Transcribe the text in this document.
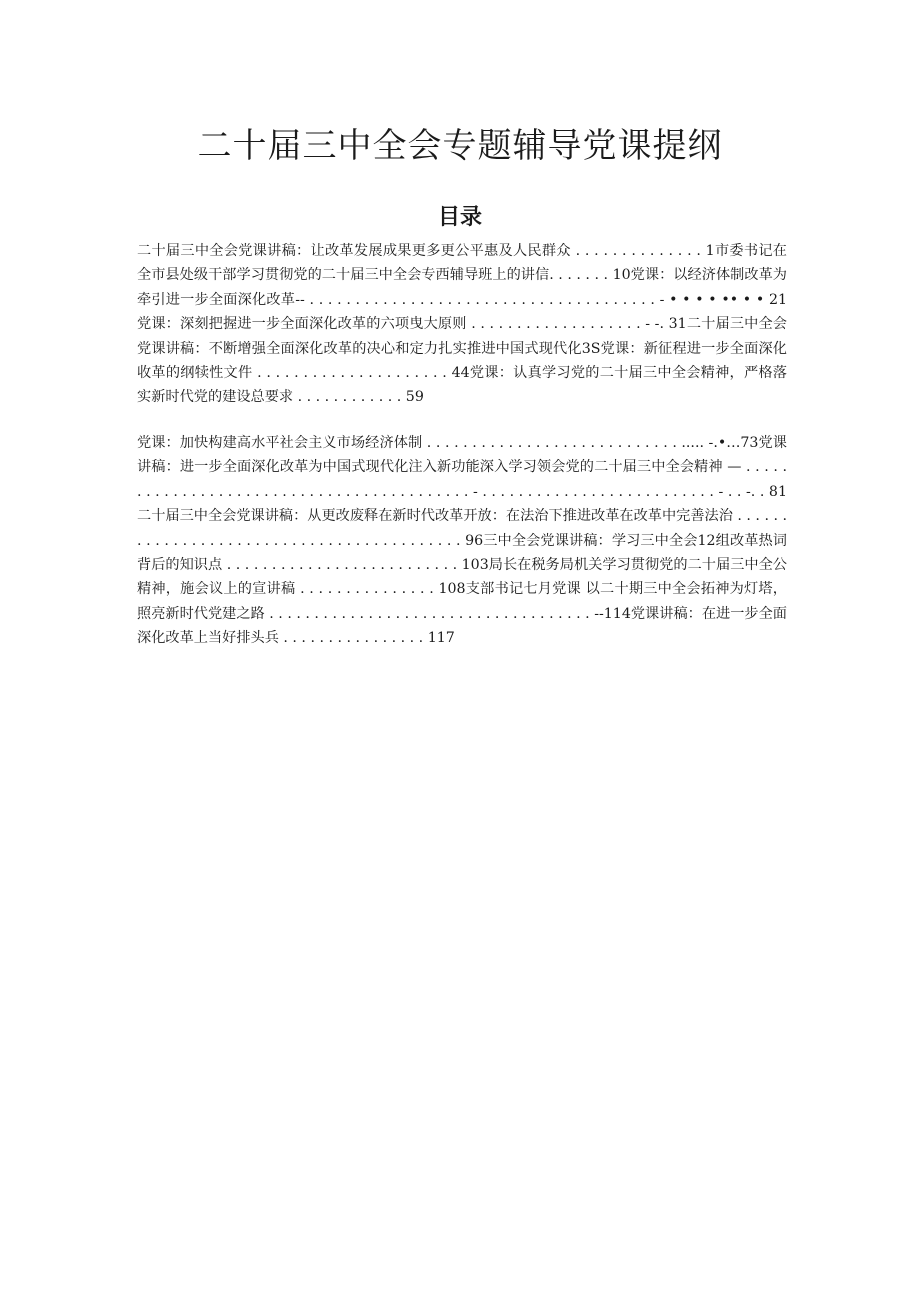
二十届三中全会专题辅导党课提纲
目录

二十届三中全会党课讲稿：让改革发展成果更多更公平惠及人民群众 . . . . . . . . . . . . . . 1市委书记在全市县处级干部学习贯彻党的二十届三中全会专西辅导班上的讲信. . . . . . . 10党课：以经济体制改革为牵引进一步全面深化改革-- . . . . . . . . . . . . . . . . . . . . . . . . . . . . . . . . . . . . . . - • • • • •• • • 21党课：深刻把握进一步全面深化改革的六项曳大原则 . . . . . . . . . . . . . . . . . . . - -. 31二十届三中全会党课讲稿：不断增强全面深化改革的决心和定力扎实推进中国式现代化3S党课：新征程进一步全面深化收革的纲犊性文件 . . . . . . . . . . . . . . . . . . . . . 44党课：认真学习党的二十届三中全会精神，严格落实新时代党的建设总要求 . . . . . . . . . . . . 59

党课：加快构建高水平社会主义市场经济体制 . . . . . . . . . . . . . . . . . . . . . . . . . . . . ..... -.•…73党课讲稿：进一步全面深化改革为中国式现代化注入新功能深入学习领会党的二十届三中全会精神 — . . . . . . . . . . . . . . . . . . . . . . . . . . . . . . . . . . . . . . . . . . - . . . . . . . . . . . . . . . . . . . . . . . . . . - . . -. . 81二十届三中全会党课讲稿：从更改废释在新时代改革开放：在法治下推进改革在改革中完善法治 . . . . . . . . . . . . . . . . . . . . . . . . . . . . . . . . . . . . . . . . . . 96三中全会党课讲稿：学习三中全会12组改革热词背后的知识点 . . . . . . . . . . . . . . . . . . . . . . . . . . 103局长在税务局机关学习贯彻党的二十届三中全公精神，施会议上的宣讲稿 . . . . . . . . . . . . . . . 108支部书记七月党课 以二十期三中全会拓神为灯塔，照亮新时代党建之路 . . . . . . . . . . . . . . . . . . . . . . . . . . . . . . . . . . . . --114党课讲稿：在进一步全面深化改革上当好排头兵 . . . . . . . . . . . . . . . . 117
